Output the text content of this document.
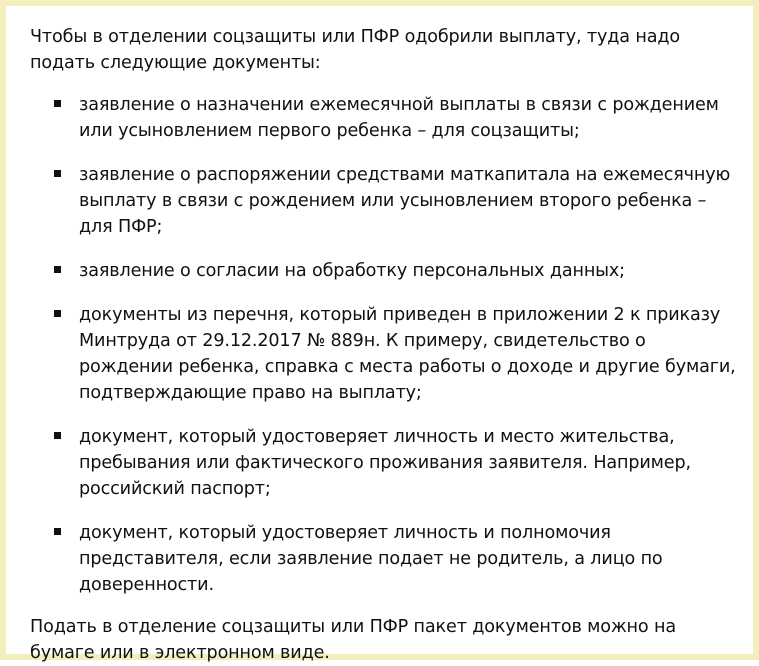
Чтобы в отделении соцзащиты или ПФР одобрили выплату, туда надо подать следующие документы:

заявление о назначении ежемесячной выплаты в связи с рождением или усыновлением первого ребенка – для соцзащиты;
заявление о распоряжении средствами маткапитала на ежемесячную выплату в связи с рождением или усыновлением второго ребенка – для ПФР;
заявление о согласии на обработку персональных данных;
документы из перечня, который приведен в приложении 2 к приказу Минтруда от 29.12.2017 № 889н. К примеру, свидетельство о рождении ребенка, справка с места работы о доходе и другие бумаги, подтверждающие право на выплату;
документ, который удостоверяет личность и место жительства, пребывания или фактического проживания заявителя. Например, российский паспорт;
документ, который удостоверяет личность и полномочия представителя, если заявление подает не родитель, а лицо по доверенности.

Подать в отделение соцзащиты или ПФР пакет документов можно на бумаге или в электронном виде.
